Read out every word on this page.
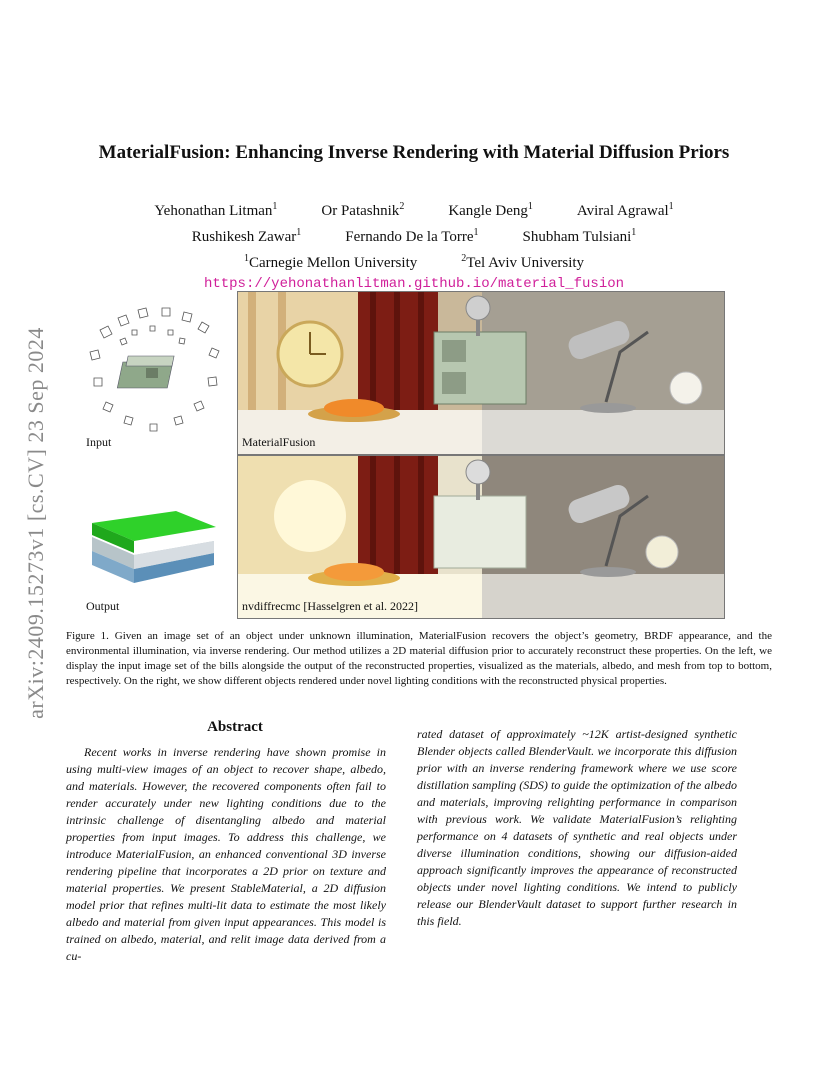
arXiv:2409.15273v1 [cs.CV] 23 Sep 2024
MaterialFusion: Enhancing Inverse Rendering with Material Diffusion Priors
Yehonathan Litman$^1$	Or Patashnik$^2$	Kangle Deng$^1$	Aviral Agrawal$^1$
Rushikesh Zawar$^1$	Fernando De la Torre$^1$	Shubham Tulsiani$^1$
$^1$Carnegie Mellon University	$^2$Tel Aviv University
https://yehonathanlitman.github.io/material_fusion
Input
Output
MaterialFusion
nvdiffrecmc [Hasselgren et al. 2022]
Figure 1. Given an image set of an object under unknown illumination, MaterialFusion recovers the object’s geometry, BRDF appearance, and the environmental illumination, via inverse rendering. Our method utilizes a 2D material diffusion prior to accurately reconstruct these properties. On the left, we display the input image set of the bills alongside the output of the reconstructed properties, visualized as the materials, albedo, and mesh from top to bottom, respectively. On the right, we show different objects rendered under novel lighting conditions with the reconstructed physical properties.
Abstract

Recent works in inverse rendering have shown promise in using multi-view images of an object to recover shape, albedo, and materials. However, the recovered components often fail to render accurately under new lighting conditions due to the intrinsic challenge of disentangling albedo and material properties from input images. To address this challenge, we introduce MaterialFusion, an enhanced conventional 3D inverse rendering pipeline that incorporates a 2D prior on texture and material properties. We present StableMaterial, a 2D diffusion model prior that refines multi-lit data to estimate the most likely albedo and material from given input appearances. This model is trained on albedo, material, and relit image data derived from a cu-

rated dataset of approximately ~12K artist-designed synthetic Blender objects called BlenderVault. we incorporate this diffusion prior with an inverse rendering framework where we use score distillation sampling (SDS) to guide the optimization of the albedo and materials, improving relighting performance in comparison with previous work. We validate MaterialFusion’s relighting performance on 4 datasets of synthetic and real objects under diverse illumination conditions, showing our diffusion-aided approach significantly improves the appearance of reconstructed objects under novel lighting conditions. We intend to publicly release our BlenderVault dataset to support further research in this field.
